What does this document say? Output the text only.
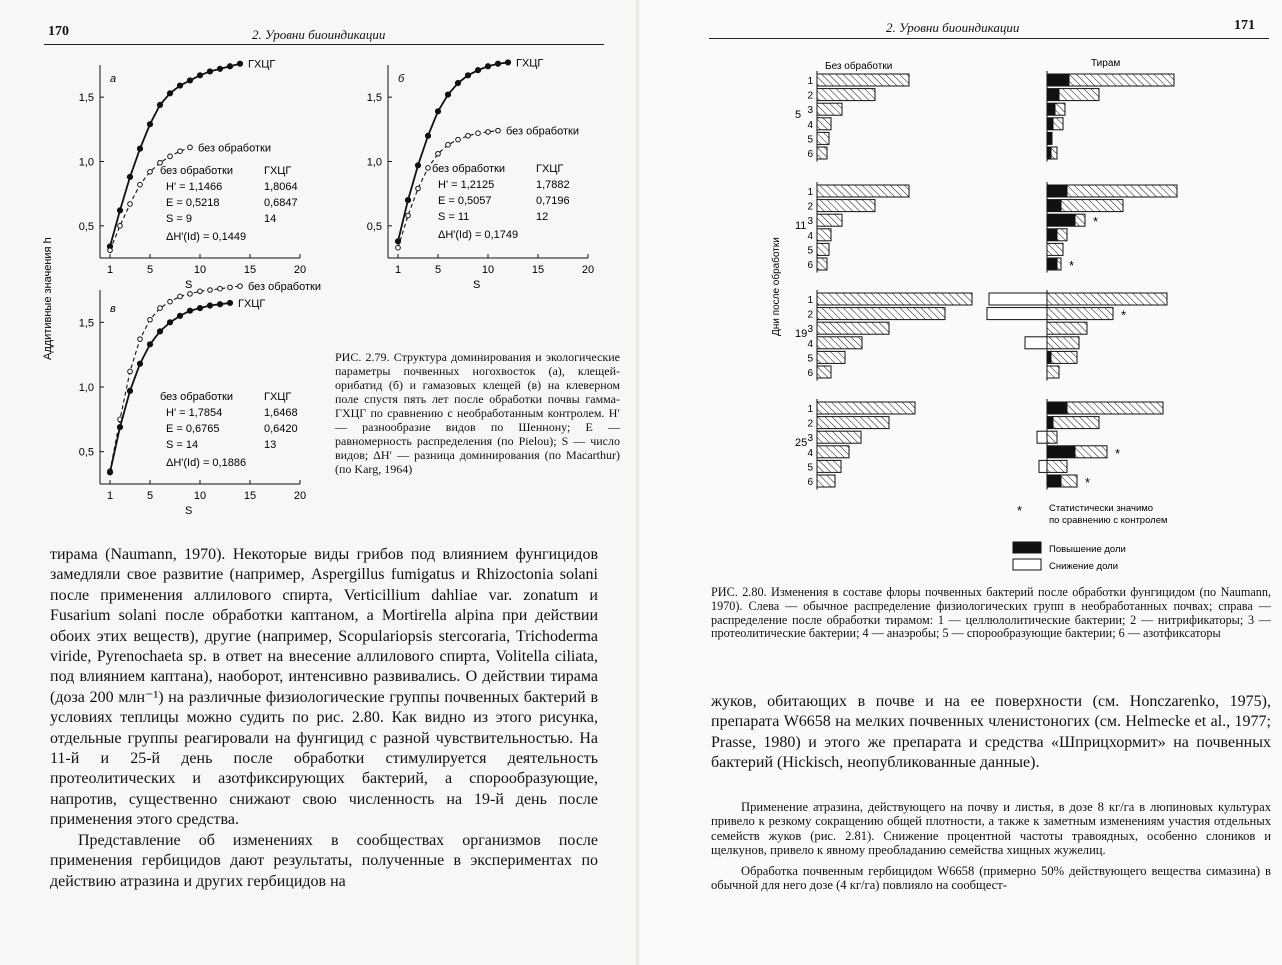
170	2. Уровни биоиндикации
1	5	10	15	20
0,5
1,0
1,5
S
а
ГХЦГ
без обработки
без обработки	ГХЦГ
H' = 1,1466	1,8064
E = 0,5218	0,6847
S = 9	14
ΔH'(Id) = 0,1449
1	5	10	15	20
0,5
1,0
1,5
S
б
ГХЦГ
без обработки
без обработки	ГХЦГ
H' = 1,2125	1,7882
E = 0,5057	0,7196
S = 11	12
ΔH'(Id) = 0,1749
1	5	10	15	20
0,5
1,0
1,5
S
в
без обработки
ГХЦГ
без обработки	ГХЦГ
H' = 1,7854	1,6468
E = 0,6765	0,6420
S = 14	13
ΔH'(Id) = 0,1886
Аддитивные значения h	РИС. 2.79. Структура доминирования и экологические параметры почвенных ногохвосток (а), клещей-орибатид (б) и гамазовых клещей (в) на клеверном поле спустя пять лет после обработки почвы гамма-ГХЦГ по сравнению с необработанным контролем. H′ — разнообразие видов по Шеннону; E — равномерность распределения (по Pielou); S — число видов; ΔH′ — разница доминирования (по Macarthur) (по Karg, 1964)

тирама (Naumann, 1970). Некоторые виды грибов под влиянием фунгицидов замедляли свое развитие (например, Aspergillus fumigatus и Rhizoctonia solani после применения аллилового спирта, Verticillium dahliae var. zonatum и Fusarium solani после обработки каптаном, а Mortirella alpina при действии обоих этих веществ), другие (например, Scopulariopsis stercoraria, Trichoderma viride, Pyrenochaeta sp. в ответ на внесение аллилового спирта, Volitella ciliata, под влиянием каптана), наоборот, интенсивно развивались. О действии тирама (доза 200 млн⁻¹) на различные физиологические группы почвенных бактерий в условиях теплицы можно судить по рис. 2.80. Как видно из этого рисунка, отдельные группы реагировали на фунгицид с разной чувствительностью. На 11-й и 25-й день после обработки стимулируется деятельность протеолитических и азотфиксирующих бактерий, а спорообразующие, напротив, существенно снижают свою численность на 19-й день после применения этого средства.

Представление об изменениях в сообществах организмов после применения гербицидов дают результаты, полученные в экспериментах по действию атразина и других гербицидов на

2. Уровни биоиндикации	171
Без обработки	Тирам
Дни после обработки
5
1
2
3
4
5
6
11
1
2
3
4
5
6
*
*
19
1
2
3
4
5
6
*
25
1
2
3
4
5
6
*
*
*	Статистически значимо
по сравнению с контролем
Повышение доли
Снижение доли
РИС. 2.80. Изменения в составе флоры почвенных бактерий после обработки фунгицидом (по Naumann, 1970). Слева — обычное распределение физиологических групп в необработанных почвах; справа — распределение после обработки тирамом: 1 — целлюлолитические бактерии; 2 — нитрификаторы; 3 — протеолитические бактерии; 4 — анаэробы; 5 — спорообразующие бактерии; 6 — азотфиксаторы

жуков, обитающих в почве и на ее поверхности (см. Honczarenko, 1975), препарата W6658 на мелких почвенных членистоногих (см. Helmecke et al., 1977; Prasse, 1980) и этого же препарата и средства «Шприцхормит» на почвенных бактерий (Hickisch, неопубликованные данные).

Применение атразина, действующего на почву и листья, в дозе 8 кг/га в люпиновых культурах привело к резкому сокращению общей плотности, а также к заметным изменениям участия отдельных семейств жуков (рис. 2.81). Снижение процентной частоты травоядных, особенно слоников и щелкунов, привело к явному преобладанию семейства хищных жужелиц.

Обработка почвенным гербицидом W6658 (примерно 50% действующего вещества симазина) в обычной для него дозе (4 кг/га) повлияло на сообщест-
